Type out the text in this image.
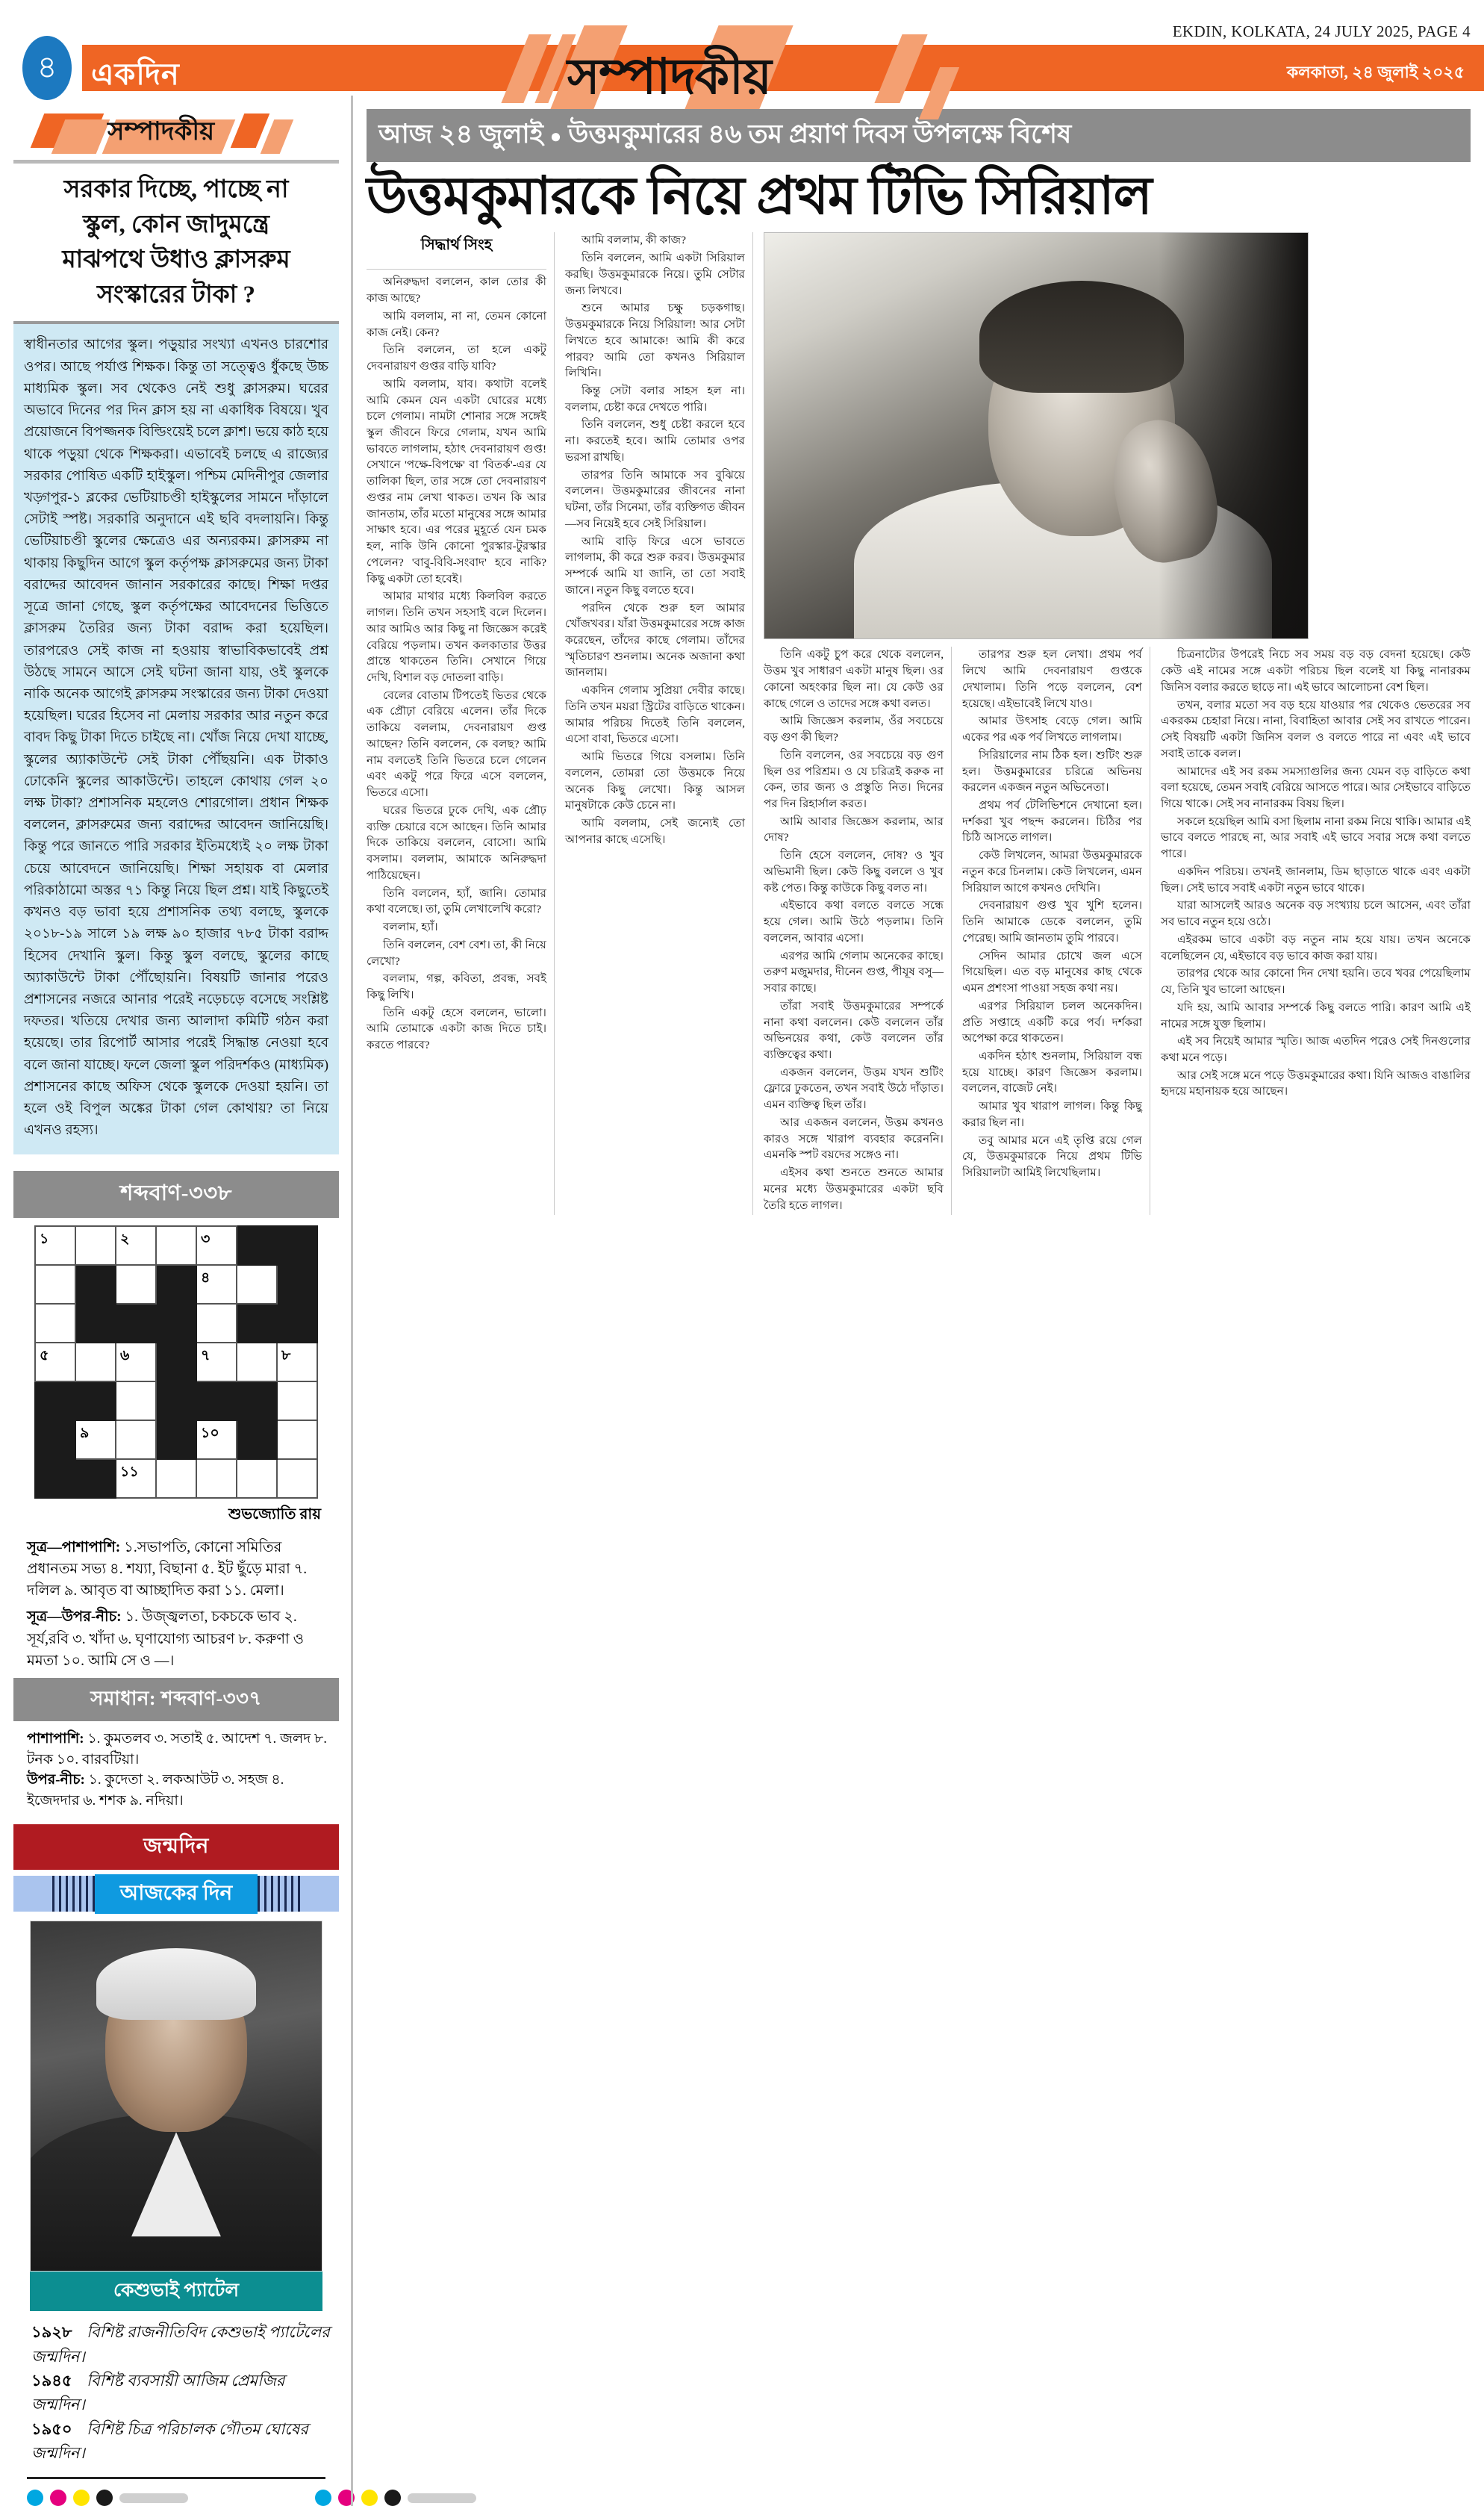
৪ একদিন	সম্পাদকীয়
EKDIN, KOLKATA, 24 JULY 2025, PAGE 4
কলকাতা, ২৪ জুলাই ২০২৫
সম্পাদকীয়
সরকার দিচ্ছে, পাচ্ছে না
স্কুল, কোন জাদুমন্ত্রে
মাঝপথে উধাও ক্লাসরুম
সংস্কারের টাকা ?
স্বাধীনতার আগের স্কুল। পড়ুয়ার সংখ্যা এখনও চারশোর ওপর। আছে পর্যাপ্ত শিক্ষক। কিন্তু তা সত্ত্বেও ধুঁকছে উচ্চ মাধ্যমিক স্কুল। সব থেকেও নেই শুধু ক্লাসরুম। ঘরের অভাবে দিনের পর দিন ক্লাস হয় না একাধিক বিষয়ে। খুব প্রয়োজনে বিপজ্জনক বিল্ডিংয়েই চলে ক্লাশ। ভয়ে কাঠ হয়ে থাকে পড়ুয়া থেকে শিক্ষকরা। এভাবেই চলছে এ রাজ্যের সরকার পোষিত একটি হাইস্কুল। পশ্চিম মেদিনীপুর জেলার খড়্গপুর-১ ব্লকের ভেটিয়াচণ্ডী হাইস্কুলের সামনে দাঁড়ালে সেটাই স্পষ্ট। সরকারি অনুদানে এই ছবি বদলায়নি। কিন্তু ভেটিয়াচণ্ডী স্কুলের ক্ষেত্রেও এর অন্যরকম। ক্লাসরুম না থাকায় কিছুদিন আগে স্কুল কর্তৃপক্ষ ক্লাসরুমের জন্য টাকা বরাদ্দের আবেদন জানান সরকারের কাছে। শিক্ষা দপ্তর সূত্রে জানা গেছে, স্কুল কর্তৃপক্ষের আবেদনের ভিত্তিতে ক্লাসরুম তৈরির জন্য টাকা বরাদ্দ করা হয়েছিল। তারপরেও সেই কাজ না হওয়ায় স্বাভাবিকভাবেই প্রশ্ন উঠছে সামনে আসে সেই ঘটনা জানা যায়, ওই স্কুলকে নাকি অনেক আগেই ক্লাসরুম সংস্কারের জন্য টাকা দেওয়া হয়েছিল। ঘরের হিসেব না মেলায় সরকার আর নতুন করে বাবদ কিছু টাকা দিতে চাইছে না। খোঁজ নিয়ে দেখা যাচ্ছে, স্কুলের অ্যাকাউন্টে সেই টাকা পৌঁছয়নি। এক টাকাও ঢোকেনি স্কুলের আকাউন্টে। তাহলে কোথায় গেল ২০ লক্ষ টাকা? প্রশাসনিক মহলেও শোরগোল। প্রধান শিক্ষক বললেন, ক্লাসরুমের জন্য বরাদ্দের আবেদন জানিয়েছি। কিন্তু পরে জানতে পারি সরকার ইতিমধ্যেই ২০ লক্ষ টাকা চেয়ে আবেদনে জানিয়েছি। শিক্ষা সহায়ক বা মেলার পরিকাঠামো অস্তর ৭১ কিন্তু নিয়ে ছিল প্রশ্ন। যাই কিছুতেই কখনও বড় ভাবা হয়ে প্রশাসনিক তথ্য বলছে, স্কুলকে ২০১৮-১৯ সালে ১৯ লক্ষ ৯০ হাজার ৭৮৫ টাকা বরাদ্দ হিসেব দেখানি স্কুল। কিন্তু স্কুল বলছে, স্কুলের কাছে অ্যাকাউন্টে টাকা পৌঁছোয়নি। বিষয়টি জানার পরেও প্রশাসনের নজরে আনার পরেই নড়েচড়ে বসেছে সংশ্লিষ্ট দফতর। খতিয়ে দেখার জন্য আলাদা কমিটি গঠন করা হয়েছে। তার রিপোর্ট আসার পরেই সিদ্ধান্ত নেওয়া হবে বলে জানা যাচ্ছে। ফলে জেলা স্কুল পরিদর্শকও (মাধ্যমিক) প্রশাসনের কাছে অফিস থেকে স্কুলকে দেওয়া হয়নি। তা হলে ওই বিপুল অঙ্কের টাকা গেল কোথায়? তা নিয়ে এখনও রহস্য।
শব্দবাণ-৩৩৮
১		২		৩		

				৪		

৫		৬		৭		৮

	৯			১০		

		১১				

শুভজ্যোতি রায়

সূত্র—পাশাপাশি: ১.সভাপতি, কোনো সমিতির প্রধানতম সভ্য ৪. শয্যা, বিছানা ৫. ইট ছুঁড়ে মারা ৭. দলিল ৯. আবৃত বা আচ্ছাদিত করা ১১. মেলা।

সূত্র—উপর-নীচ: ১. উজ্জ্বলতা, চকচকে ভাব ২. সূর্য,রবি ৩. খাঁদা ৬. ঘৃণাযোগ্য আচরণ ৮. করুণা ও মমতা ১০. আমি সে ও —।

সমাধান: শব্দবাণ-৩৩৭

পাশাপাশি: ১. কুমতলব ৩. সতাই ৫. আদেশ ৭. জলদ ৮. টনক ১০. বারবটিয়া।

উপর-নীচ: ১. কুদেতা ২. লকআউট ৩. সহজ ৪. ইজেদদার ৬. শশক ৯. নদিয়া।

জন্মদিন
আজকের দিন
কেশুভাই প্যাটেল
১৯২৮ বিশিষ্ট রাজনীতিবিদ কেশুভাই প্যাটেলের জন্মদিন।
১৯৪৫ বিশিষ্ট ব্যবসায়ী আজিম প্রেমজির জন্মদিন।
১৯৫০ বিশিষ্ট চিত্র পরিচালক গৌতম ঘোষের জন্মদিন।
আজ ২৪ জুলাই ● উত্তমকুমারের ৪৬ তম প্রয়াণ দিবস উপলক্ষে বিশেষ
উত্তমকুমারকে নিয়ে প্রথম টিভি সিরিয়াল
সিদ্ধার্থ সিংহ

অনিরুদ্ধদা বললেন, কাল তোর কী কাজ আছে?

আমি বললাম, না না, তেমন কোনো কাজ নেই। কেন?

তিনি বললেন, তা হলে একটু দেবনারায়ণ গুপ্তর বাড়ি যাবি?

আমি বললাম, যাব। কথাটা বলেই আমি কেমন যেন একটা ঘোরের মধ্যে চলে গেলাম। নামটা শোনার সঙ্গে সঙ্গেই স্কুল জীবনে ফিরে গেলাম, যখন আমি ভাবতে লাগলাম, হঠাৎ দেবনারায়ণ গুপ্ত! সেখানে 'পক্ষে-বিপক্ষে' বা 'বিতর্ক'-এর যে তালিকা ছিল, তার সঙ্গে তো দেবনারায়ণ গুপ্তর নাম লেখা থাকত। তখন কি আর জানতাম, তাঁর মতো মানুষের সঙ্গে আমার সাক্ষাৎ হবে। এর পরের মুহূর্তে যেন চমক হল, নাকি উনি কোনো পুরস্কার-টুরস্কার পেলেন? 'বাবু-বিবি-সংবাদ' হবে নাকি? কিছু একটা তো হবেই।

আমার মাথার মধ্যে কিলবিল করতে লাগল। তিনি তখন সহসাই বলে দিলেন। আর আমিও আর কিছু না জিজ্ঞেস করেই বেরিয়ে পড়লাম। তখন কলকাতার উত্তর প্রান্তে থাকতেন তিনি। সেখানে গিয়ে দেখি, বিশাল বড় দোতলা বাড়ি।

বেলের বোতাম টিপতেই ভিতর থেকে এক প্রৌঢ়া বেরিয়ে এলেন। তাঁর দিকে তাকিয়ে বললাম, দেবনারায়ণ গুপ্ত আছেন? তিনি বললেন, কে বলছ? আমি নাম বলতেই তিনি ভিতরে চলে গেলেন এবং একটু পরে ফিরে এসে বললেন, ভিতরে এসো।

ঘরের ভিতরে ঢুকে দেখি, এক প্রৌঢ় ব্যক্তি চেয়ারে বসে আছেন। তিনি আমার দিকে তাকিয়ে বললেন, বোসো। আমি বসলাম। বললাম, আমাকে অনিরুদ্ধদা পাঠিয়েছেন।

তিনি বললেন, হ্যাঁ, জানি। তোমার কথা বলেছে। তা, তুমি লেখালেখি করো?

বললাম, হ্যাঁ।

তিনি বললেন, বেশ বেশ। তা, কী নিয়ে লেখো?

বললাম, গল্প, কবিতা, প্রবন্ধ, সবই কিছু লিখি।

তিনি একটু হেসে বললেন, ভালো। আমি তোমাকে একটা কাজ দিতে চাই। করতে পারবে?

আমি বললাম, কী কাজ?

তিনি বললেন, আমি একটা সিরিয়াল করছি। উত্তমকুমারকে নিয়ে। তুমি সেটার জন্য লিখবে।

শুনে আমার চক্ষু চড়কগাছ। উত্তমকুমারকে নিয়ে সিরিয়াল! আর সেটা লিখতে হবে আমাকে! আমি কী করে পারব? আমি তো কখনও সিরিয়াল লিখিনি।

কিন্তু সেটা বলার সাহস হল না। বললাম, চেষ্টা করে দেখতে পারি।

তিনি বললেন, শুধু চেষ্টা করলে হবে না। করতেই হবে। আমি তোমার ওপর ভরসা রাখছি।

তারপর তিনি আমাকে সব বুঝিয়ে বললেন। উত্তমকুমারের জীবনের নানা ঘটনা, তাঁর সিনেমা, তাঁর ব্যক্তিগত জীবন—সব নিয়েই হবে সেই সিরিয়াল।

আমি বাড়ি ফিরে এসে ভাবতে লাগলাম, কী করে শুরু করব। উত্তমকুমার সম্পর্কে আমি যা জানি, তা তো সবাই জানে। নতুন কিছু বলতে হবে।

পরদিন থেকে শুরু হল আমার খোঁজখবর। যাঁরা উত্তমকুমারের সঙ্গে কাজ করেছেন, তাঁদের কাছে গেলাম। তাঁদের স্মৃতিচারণ শুনলাম। অনেক অজানা কথা জানলাম।

একদিন গেলাম সুপ্রিয়া দেবীর কাছে। তিনি তখন ময়রা স্ট্রিটের বাড়িতে থাকেন। আমার পরিচয় দিতেই তিনি বললেন, এসো বাবা, ভিতরে এসো।

আমি ভিতরে গিয়ে বসলাম। তিনি বললেন, তোমরা তো উত্তমকে নিয়ে অনেক কিছু লেখো। কিন্তু আসল মানুষটাকে কেউ চেনে না।

আমি বললাম, সেই জন্যেই তো আপনার কাছে এসেছি।

তিনি একটু চুপ করে থেকে বললেন, উত্তম খুব সাধারণ একটা মানুষ ছিল। ওর কোনো অহংকার ছিল না। যে কেউ ওর কাছে গেলে ও তাদের সঙ্গে কথা বলত।

আমি জিজ্ঞেস করলাম, ওঁর সবচেয়ে বড় গুণ কী ছিল?

তিনি বললেন, ওর সবচেয়ে বড় গুণ ছিল ওর পরিশ্রম। ও যে চরিত্রই করুক না কেন, তার জন্য ও প্রস্তুতি নিত। দিনের পর দিন রিহার্সাল করত।

আমি আবার জিজ্ঞেস করলাম, আর দোষ?

তিনি হেসে বললেন, দোষ? ও খুব অভিমানী ছিল। কেউ কিছু বললে ও খুব কষ্ট পেত। কিন্তু কাউকে কিছু বলত না।

এইভাবে কথা বলতে বলতে সন্ধে হয়ে গেল। আমি উঠে পড়লাম। তিনি বললেন, আবার এসো।

এরপর আমি গেলাম অনেকের কাছে। তরুণ মজুমদার, দীনেন গুপ্ত, পীযূষ বসু—সবার কাছে।

তাঁরা সবাই উত্তমকুমারের সম্পর্কে নানা কথা বললেন। কেউ বললেন তাঁর অভিনয়ের কথা, কেউ বললেন তাঁর ব্যক্তিত্বের কথা।

একজন বললেন, উত্তম যখন শুটিং ফ্লোরে ঢুকতেন, তখন সবাই উঠে দাঁড়াত। এমন ব্যক্তিত্ব ছিল তাঁর।

আর একজন বললেন, উত্তম কখনও কারও সঙ্গে খারাপ ব্যবহার করেননি। এমনকি স্পট বয়দের সঙ্গেও না।

এইসব কথা শুনতে শুনতে আমার মনের মধ্যে উত্তমকুমারের একটা ছবি তৈরি হতে লাগল।

তারপর শুরু হল লেখা। প্রথম পর্ব লিখে আমি দেবনারায়ণ গুপ্তকে দেখালাম। তিনি পড়ে বললেন, বেশ হয়েছে। এইভাবেই লিখে যাও।

আমার উৎসাহ বেড়ে গেল। আমি একের পর এক পর্ব লিখতে লাগলাম।

সিরিয়ালের নাম ঠিক হল। শুটিং শুরু হল। উত্তমকুমারের চরিত্রে অভিনয় করলেন একজন নতুন অভিনেতা।

প্রথম পর্ব টেলিভিশনে দেখানো হল। দর্শকরা খুব পছন্দ করলেন। চিঠির পর চিঠি আসতে লাগল।

কেউ লিখলেন, আমরা উত্তমকুমারকে নতুন করে চিনলাম। কেউ লিখলেন, এমন সিরিয়াল আগে কখনও দেখিনি।

দেবনারায়ণ গুপ্ত খুব খুশি হলেন। তিনি আমাকে ডেকে বললেন, তুমি পেরেছ। আমি জানতাম তুমি পারবে।

সেদিন আমার চোখে জল এসে গিয়েছিল। এত বড় মানুষের কাছ থেকে এমন প্রশংসা পাওয়া সহজ কথা নয়।

এরপর সিরিয়াল চলল অনেকদিন। প্রতি সপ্তাহে একটি করে পর্ব। দর্শকরা অপেক্ষা করে থাকতেন।

একদিন হঠাৎ শুনলাম, সিরিয়াল বন্ধ হয়ে যাচ্ছে। কারণ জিজ্ঞেস করলাম। বললেন, বাজেট নেই।

আমার খুব খারাপ লাগল। কিন্তু কিছু করার ছিল না।

তবু আমার মনে এই তৃপ্তি রয়ে গেল যে, উত্তমকুমারকে নিয়ে প্রথম টিভি সিরিয়ালটা আমিই লিখেছিলাম।

চিত্রনাট্যের উপরেই নিচে সব সময় বড় বড় বেদনা হয়েছে। কেউ কেউ এই নামের সঙ্গে একটা পরিচয় ছিল বলেই যা কিছু নানারকম জিনিস বলার করতে ছাড়ে না। এই ভাবে আলোচনা বেশ ছিল।

তখন, বলার মতো সব বড় হয়ে যাওয়ার পর থেকেও ভেতরের সব একরকম চেহারা নিয়ে। নানা, বিবাহিতা আবার সেই সব রাখতে পারেন। সেই বিষয়টি একটা জিনিস বলল ও বলতে পারে না এবং এই ভাবে সবাই তাকে বলল।

আমাদের এই সব রকম সমস্যাগুলির জন্য যেমন বড় বাড়িতে কথা বলা হয়েছে, তেমন সবাই বেরিয়ে আসতে পারে। আর সেইভাবে বাড়িতে গিয়ে থাকে। সেই সব নানারকম বিষয় ছিল।

সকলে হয়েছিল আমি বসা ছিলাম নানা রকম নিয়ে থাকি। আমার এই ভাবে বলতে পারছে না, আর সবাই এই ভাবে সবার সঙ্গে কথা বলতে পারে।

একদিন পরিচয়। তখনই জানলাম, ডিম ছাড়াতে থাকে এবং একটা ছিল। সেই ভাবে সবাই একটা নতুন ভাবে থাকে।

যারা আসলেই আরও অনেক বড় সংখ্যায় চলে আসেন, এবং তাঁরা সব ভাবে নতুন হয়ে ওঠে।

এইরকম ভাবে একটা বড় নতুন নাম হয়ে যায়। তখন অনেকে বলেছিলেন যে, এইভাবে বড় ভাবে কাজ করা যায়।

তারপর থেকে আর কোনো দিন দেখা হয়নি। তবে খবর পেয়েছিলাম যে, তিনি খুব ভালো আছেন।

যদি হয়, আমি আবার সম্পর্কে কিছু বলতে পারি। কারণ আমি এই নামের সঙ্গে যুক্ত ছিলাম।

এই সব নিয়েই আমার স্মৃতি। আজ এতদিন পরেও সেই দিনগুলোর কথা মনে পড়ে।

আর সেই সঙ্গে মনে পড়ে উত্তমকুমারের কথা। যিনি আজও বাঙালির হৃদয়ে মহানায়ক হয়ে আছেন।
